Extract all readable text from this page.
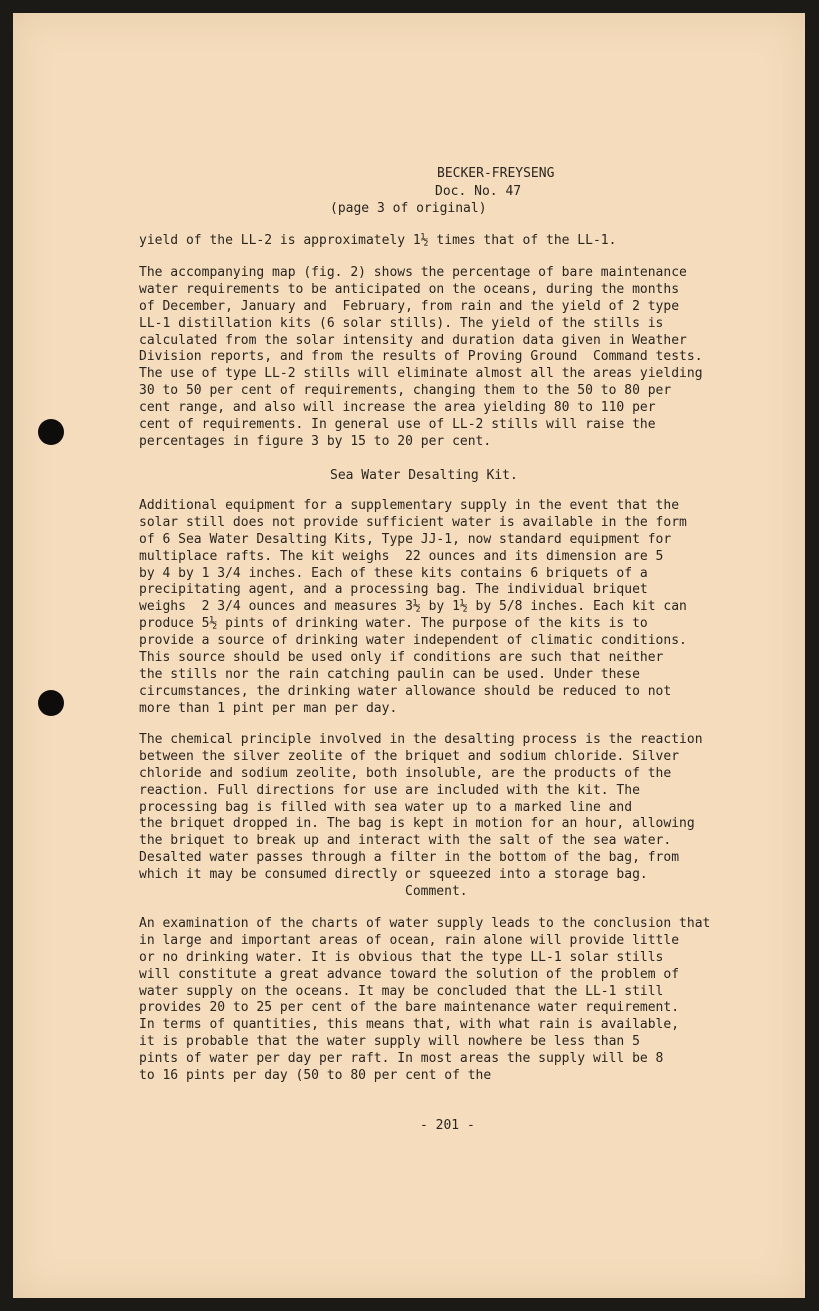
BECKER-FREYSENG
Doc. No. 47
(page 3 of original)
yield of the LL-2 is approximately 1½ times that of the LL-1.
The accompanying map (fig. 2) shows the percentage of bare maintenance
water requirements to be anticipated on the oceans, during the months
of December, January and  February, from rain and the yield of 2 type
LL-1 distillation kits (6 solar stills). The yield of the stills is
calculated from the solar intensity and duration data given in Weather
Division reports, and from the results of Proving Ground  Command tests.
The use of type LL-2 stills will eliminate almost all the areas yielding
30 to 50 per cent of requirements, changing them to the 50 to 80 per
cent range, and also will increase the area yielding 80 to 110 per
cent of requirements. In general use of LL-2 stills will raise the
percentages in figure 3 by 15 to 20 per cent.
Sea Water Desalting Kit.
Additional equipment for a supplementary supply in the event that the
solar still does not provide sufficient water is available in the form
of 6 Sea Water Desalting Kits, Type JJ-1, now standard equipment for
multiplace rafts. The kit weighs  22 ounces and its dimension are 5
by 4 by 1 3/4 inches. Each of these kits contains 6 briquets of a
precipitating agent, and a processing bag. The individual briquet
weighs  2 3/4 ounces and measures 3½ by 1½ by 5/8 inches. Each kit can
produce 5½ pints of drinking water. The purpose of the kits is to
provide a source of drinking water independent of climatic conditions.
This source should be used only if conditions are such that neither
the stills nor the rain catching paulin can be used. Under these
circumstances, the drinking water allowance should be reduced to not
more than 1 pint per man per day.
The chemical principle involved in the desalting process is the reaction
between the silver zeolite of the briquet and sodium chloride. Silver
chloride and sodium zeolite, both insoluble, are the products of the
reaction. Full directions for use are included with the kit. The
processing bag is filled with sea water up to a marked line and
the briquet dropped in. The bag is kept in motion for an hour, allowing
the briquet to break up and interact with the salt of the sea water.
Desalted water passes through a filter in the bottom of the bag, from
which it may be consumed directly or squeezed into a storage bag.
Comment.
An examination of the charts of water supply leads to the conclusion that
in large and important areas of ocean, rain alone will provide little
or no drinking water. It is obvious that the type LL-1 solar stills
will constitute a great advance toward the solution of the problem of
water supply on the oceans. It may be concluded that the LL-1 still
provides 20 to 25 per cent of the bare maintenance water requirement.
In terms of quantities, this means that, with what rain is available,
it is probable that the water supply will nowhere be less than 5
pints of water per day per raft. In most areas the supply will be 8
to 16 pints per day (50 to 80 per cent of the
- 201 -
